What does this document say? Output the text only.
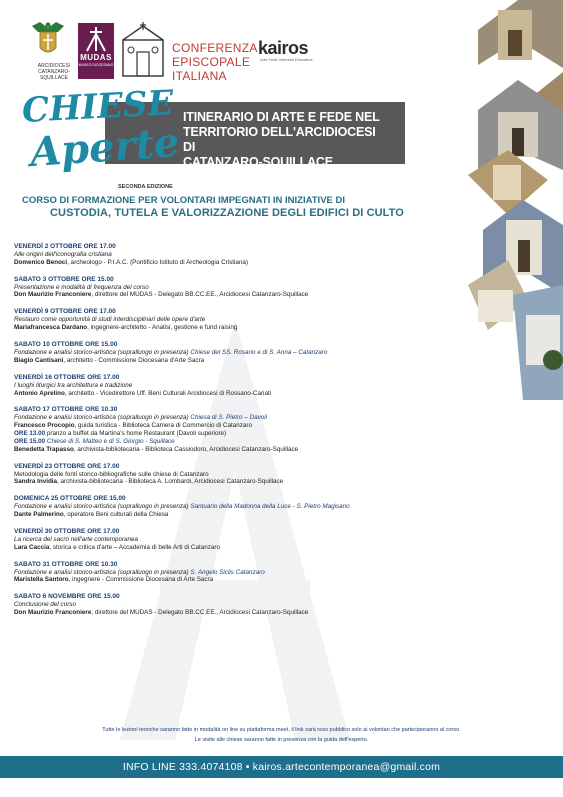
ARCIDIOCESI
CATANZARO-SQUILLACE
MUDAS
MUSEO DIOCESANO
CONFERENZA
EPISCOPALE
ITALIANA
kairos
Arte Fede Intensità Educativa
ITINERARIO DI ARTE E FEDE NEL
TERRITORIO DELL'ARCIDIOCESI DI
CATANZARO-SQUILLACE
CHIESE
Aperte
SECONDA EDIZIONE
CORSO DI FORMAZIONE PER VOLONTARI IMPEGNATI IN INIZIATIVE DI
CUSTODIA, TUTELA E VALORIZZAZIONE DEGLI EDIFICI DI CULTO
VENERDÌ 2 OTTOBRE ORE 17.00
Alle origini dell'iconografia cristiana
Domenico Benoci, archeologo - P.I.A.C. (Pontificio Istituto di Archeologia Cristiana)
SABATO 3 OTTOBRE ORE 15.00
Presentazione e modalità di frequenza del corso
Don Maurizio Franconiere, direttore del MUDAS - Delegato BB.CC.EE., Arcidiocesi Catanzaro-Squillace
VENERDÌ 9 OTTOBRE ORE 17.00
Restauro come opportunità di studi interdisciplinari delle opere d'arte
Mariafrancesca Dardano, ingegnere-architetto - Analisi, gestione e fund raising
SABATO 10 OTTOBRE ORE 15.00
Fondazione e analisi storico-artistica (sopralluogo in presenza) Chiese del SS. Rosario e di S. Anna – Catanzaro
Biagio Cantisani, architetto - Commissione Diocesana d'Arte Sacra
VENERDÌ 16 OTTOBRE ORE 17.00
I luoghi liturgici tra architettura e tradizione
Antonio Aprelino, architetto - Vicedirettore Uff. Beni Culturali Arcidiocesi di Rossano-Cariati
SABATO 17 OTTOBRE ORE 10.30
Fondazione e analisi storico-artistica (sopralluogo in presenza) Chiesa di S. Pietro – Davoli
Francesco Procopio, guida turistica - Biblioteca Camera di Commercio di Catanzaro
ORE 13.00 pranzo a buffet da Martina's home Restaurant (Davoli superiore)
ORE 15.00 Chiese di S. Matteo e di S. Giorgio - Squillace
Benedetta Trapasso, archivista-bibliotecaria - Biblioteca Cassiodoro, Arcidiocesi Catanzaro-Squillace
VENERDÌ 23 OTTOBRE ORE 17.00
Metodologia delle fonti storico-bibliografiche sulle chiese di Catanzaro
Sandra Invidia, archivista-bibliotecaria - Biblioteca A. Lombardi, Arcidiocesi Catanzaro-Squillace
DOMENICA 25 OTTOBRE ORE 15.00
Fondazione e analisi storico-artistica (sopralluogo in presenza) Santuario della Madonna della Luce - S. Pietro Magisano
Dante Palmerino, operatore Beni culturali della Chiesa
VENERDÌ 30 OTTOBRE ORE 17.00
La ricerca del sacro nell'arte contemporanea
Lara Caccia, storica e critica d'arte – Accademia di belle Arti di Catanzaro
SABATO 31 OTTOBRE ORE 10.30
Fondazione e analisi storico-artistica (sopralluogo in presenza) S. Angelo Siclis Catanzaro
Maristella Santoro, ingegnere - Commissione Diocesana di Arte Sacra
SABATO 6 NOVEMBRE ORE 15.00
Conclusione del corso
Don Maurizio Franconiere, direttore del MUDAS - Delegato BB.CC.EE., Arcidiocesi Catanzaro-Squillace
Tutte le lezioni teoriche saranno fatte in modalità on line su piattaforma meet, il link sarà reso pubblico solo ai volontari che parteciperanno al corso.
Le visite alle chiese saranno fatte in presenza con la guida dell'esperto.
INFO LINE 333.4074108 • kairos.artecontemporanea@gmail.com
